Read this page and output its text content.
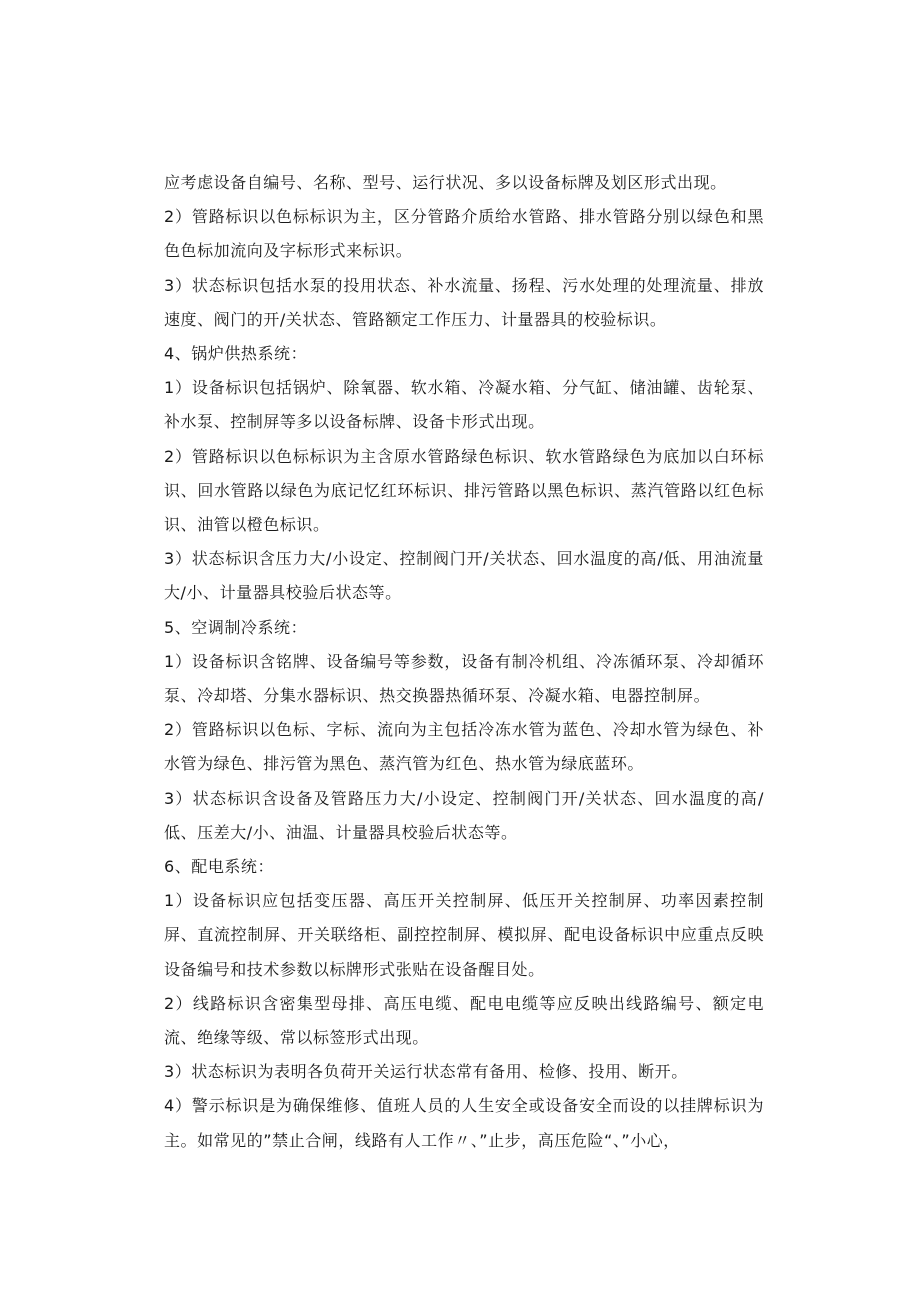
应考虑设备自编号、名称、型号、运行状况、多以设备标牌及划区形式出现。

2）管路标识以色标标识为主，区分管路介质给水管路、排水管路分别以绿色和黑色色标加流向及字标形式来标识。

3）状态标识包括水泵的投用状态、补水流量、扬程、污水处理的处理流量、排放速度、阀门的开/关状态、管路额定工作压力、计量器具的校验标识。

4、锅炉供热系统：

1）设备标识包括锅炉、除氧器、软水箱、冷凝水箱、分气缸、储油罐、齿轮泵、补水泵、控制屏等多以设备标牌、设备卡形式出现。

2）管路标识以色标标识为主含原水管路绿色标识、软水管路绿色为底加以白环标识、回水管路以绿色为底记忆红环标识、排污管路以黑色标识、蒸汽管路以红色标识、油管以橙色标识。

3）状态标识含压力大/小设定、控制阀门开/关状态、回水温度的高/低、用油流量大/小、计量器具校验后状态等。

5、空调制冷系统：

1）设备标识含铭牌、设备编号等参数，设备有制冷机组、冷冻循环泵、冷却循环泵、冷却塔、分集水器标识、热交换器热循环泵、冷凝水箱、电器控制屏。

2）管路标识以色标、字标、流向为主包括冷冻水管为蓝色、冷却水管为绿色、补水管为绿色、排污管为黑色、蒸汽管为红色、热水管为绿底蓝环。

3）状态标识含设备及管路压力大/小设定、控制阀门开/关状态、回水温度的高/低、压差大/小、油温、计量器具校验后状态等。

6、配电系统：

1）设备标识应包括变压器、高压开关控制屏、低压开关控制屏、功率因素控制屏、直流控制屏、开关联络柜、副控控制屏、模拟屏、配电设备标识中应重点反映设备编号和技术参数以标牌形式张贴在设备醒目处。

2）线路标识含密集型母排、高压电缆、配电电缆等应反映出线路编号、额定电流、绝缘等级、常以标签形式出现。

3）状态标识为表明各负荷开关运行状态常有备用、检修、投用、断开。

4）警示标识是为确保维修、值班人员的人生安全或设备安全而设的以挂牌标识为主。如常见的”禁止合闸，线路有人工作〃、”止步，高压危险“、”小心，
